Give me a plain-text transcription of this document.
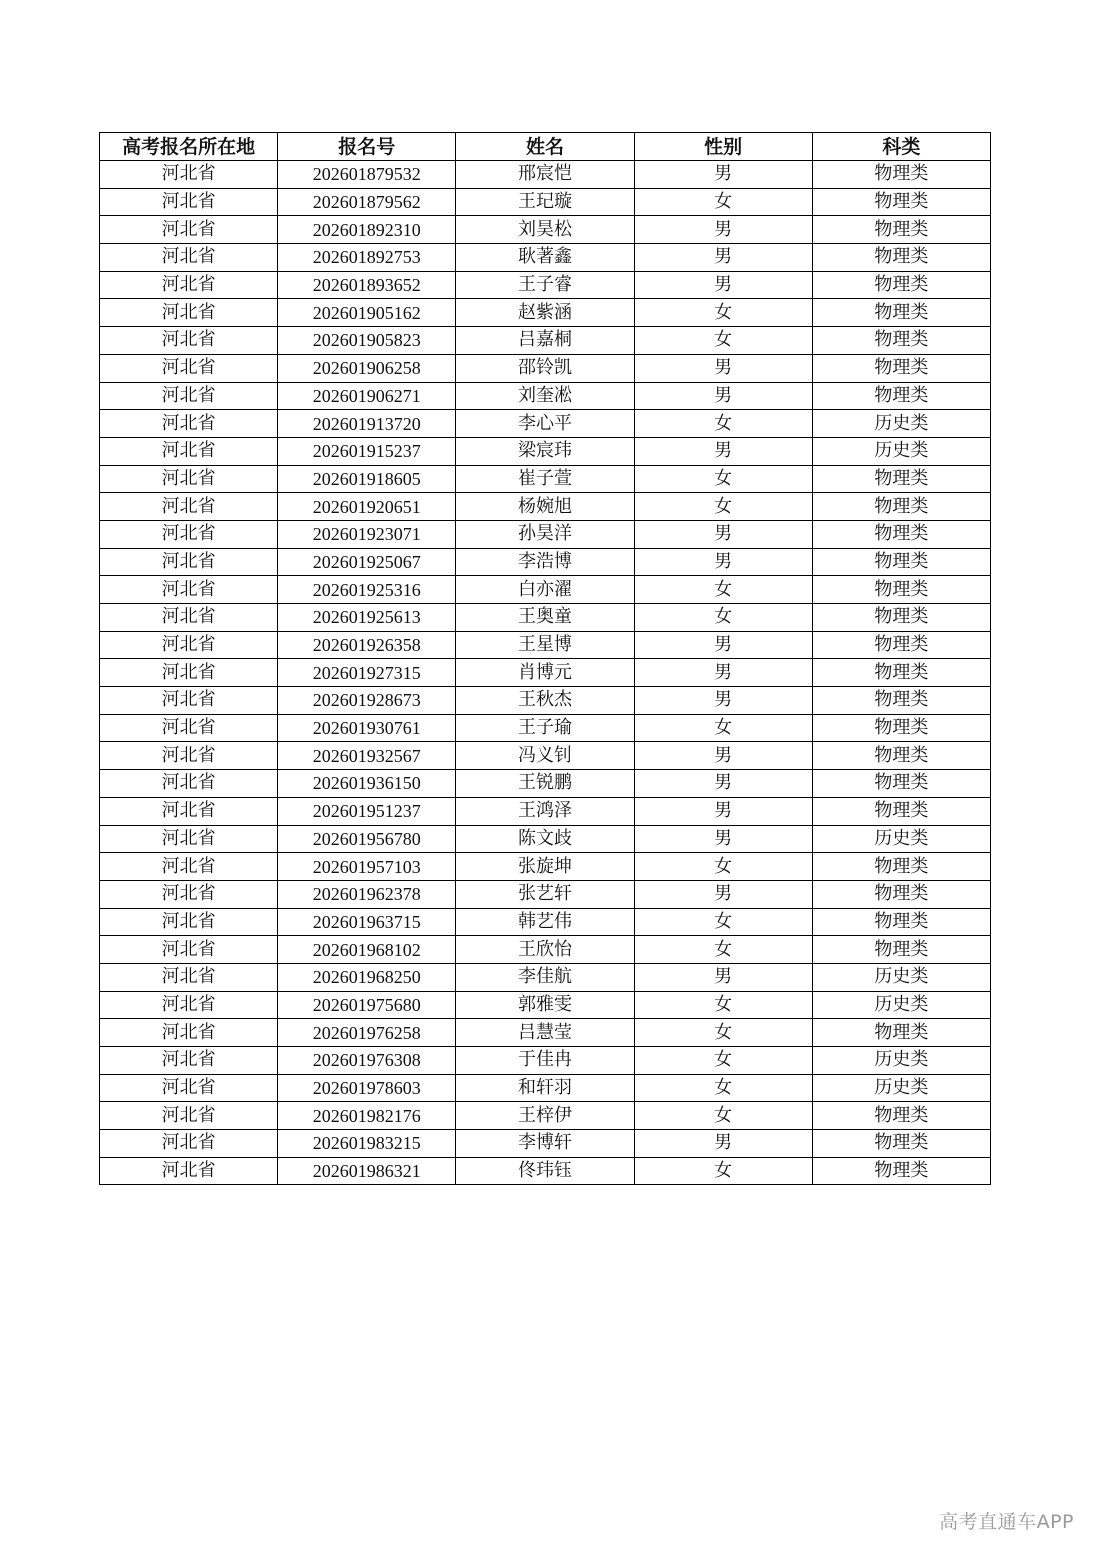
高考报名所在地	报名号	姓名	性别	科类
河北省	202601879532	邢宸恺	男	物理类
河北省	202601879562	王玘璇	女	物理类
河北省	202601892310	刘昊松	男	物理类
河北省	202601892753	耿著鑫	男	物理类
河北省	202601893652	王子睿	男	物理类
河北省	202601905162	赵紫涵	女	物理类
河北省	202601905823	吕嘉桐	女	物理类
河北省	202601906258	邵铃凯	男	物理类
河北省	202601906271	刘奎凇	男	物理类
河北省	202601913720	李心平	女	历史类
河北省	202601915237	梁宸玮	男	历史类
河北省	202601918605	崔子萱	女	物理类
河北省	202601920651	杨婉旭	女	物理类
河北省	202601923071	孙昊洋	男	物理类
河北省	202601925067	李浩博	男	物理类
河北省	202601925316	白亦濯	女	物理类
河北省	202601925613	王奥童	女	物理类
河北省	202601926358	王星博	男	物理类
河北省	202601927315	肖博元	男	物理类
河北省	202601928673	王秋杰	男	物理类
河北省	202601930761	王子瑜	女	物理类
河北省	202601932567	冯义钊	男	物理类
河北省	202601936150	王锐鹏	男	物理类
河北省	202601951237	王鸿泽	男	物理类
河北省	202601956780	陈文歧	男	历史类
河北省	202601957103	张旋坤	女	物理类
河北省	202601962378	张艺轩	男	物理类
河北省	202601963715	韩艺伟	女	物理类
河北省	202601968102	王欣怡	女	物理类
河北省	202601968250	李佳航	男	历史类
河北省	202601975680	郭雅雯	女	历史类
河北省	202601976258	吕慧莹	女	物理类
河北省	202601976308	于佳冉	女	历史类
河北省	202601978603	和轩羽	女	历史类
河北省	202601982176	王梓伊	女	物理类
河北省	202601983215	李博轩	男	物理类
河北省	202601986321	佟玮钰	女	物理类
高考直通车APP
